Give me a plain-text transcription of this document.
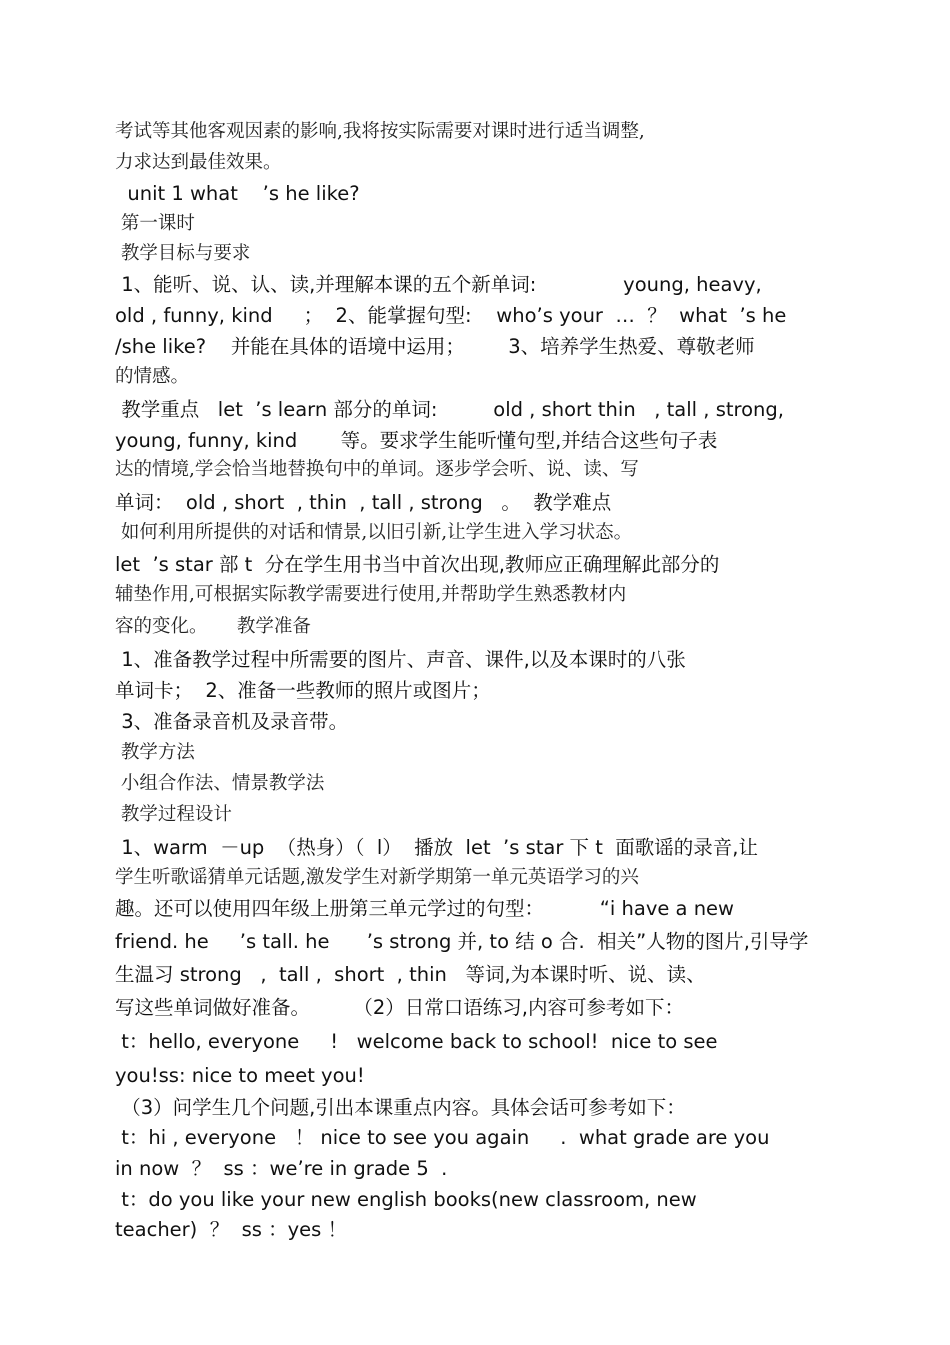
考试等其他客观因素的影响,我将按实际需要对课时进行适当调整,
力求达到最佳效果。
unit 1 what    ’s he like?
第一课时
教学目标与要求
1、能听、说、认、读,并理解本课的五个新单词:              young, heavy,
old , funny, kind     ；  2、能掌握句型:    who’s your  …  ？  what  ’s he
/she like?    并能在具体的语境中运用；       3、培养学生热爱、尊敬老师
的情感。
教学重点   let  ’s learn 部分的单词:         old , short thin   , tall , strong,
young, funny, kind       等。要求学生能听懂句型,并结合这些句子表
达的情境,学会恰当地替换句中的单词。逐步学会听、说、读、写
单词：  old , short  , thin  , tall , strong   。  教学难点
如何利用所提供的对话和情景,以旧引新,让学生进入学习状态。
let  ’s star 部 t  分在学生用书当中首次出现,教师应正确理解此部分的
辅垫作用,可根据实际教学需要进行使用,并帮助学生熟悉教材内
容的变化。     教学准备
1、准备教学过程中所需要的图片、声音、课件,以及本课时的八张
单词卡；  2、准备一些教师的照片或图片；
3、准备录音机及录音带。
教学方法
小组合作法、情景教学法
教学过程设计
1、warm  －up  （热身）（  l）  播放  let  ’s star 下 t  面歌谣的录音,让
学生听歌谣猜单元话题,激发学生对新学期第一单元英语学习的兴
趣。还可以使用四年级上册第三单元学过的句型：         “i have a new
friend. he     ’s tall. he      ’s strong 并, to 结 o 合.  相关”人物的图片,引导学
生温习 strong   ,  tall ,  short  , thin   等词,为本课时听、说、读、
写这些单词做好准备。       （2）日常口语练习,内容可参考如下：
t：hello, everyone     !   welcome back to school!  nice to see
you!ss: nice to meet you!
（3）问学生几个问题,引出本课重点内容。具体会话可参考如下：
t：hi , everyone   ！ nice to see you again     .  what grade are you
in now  ？  ss ：we’re in grade 5  .
t：do you like your new english books(new classroom, new
teacher)  ？  ss ：yes ！
